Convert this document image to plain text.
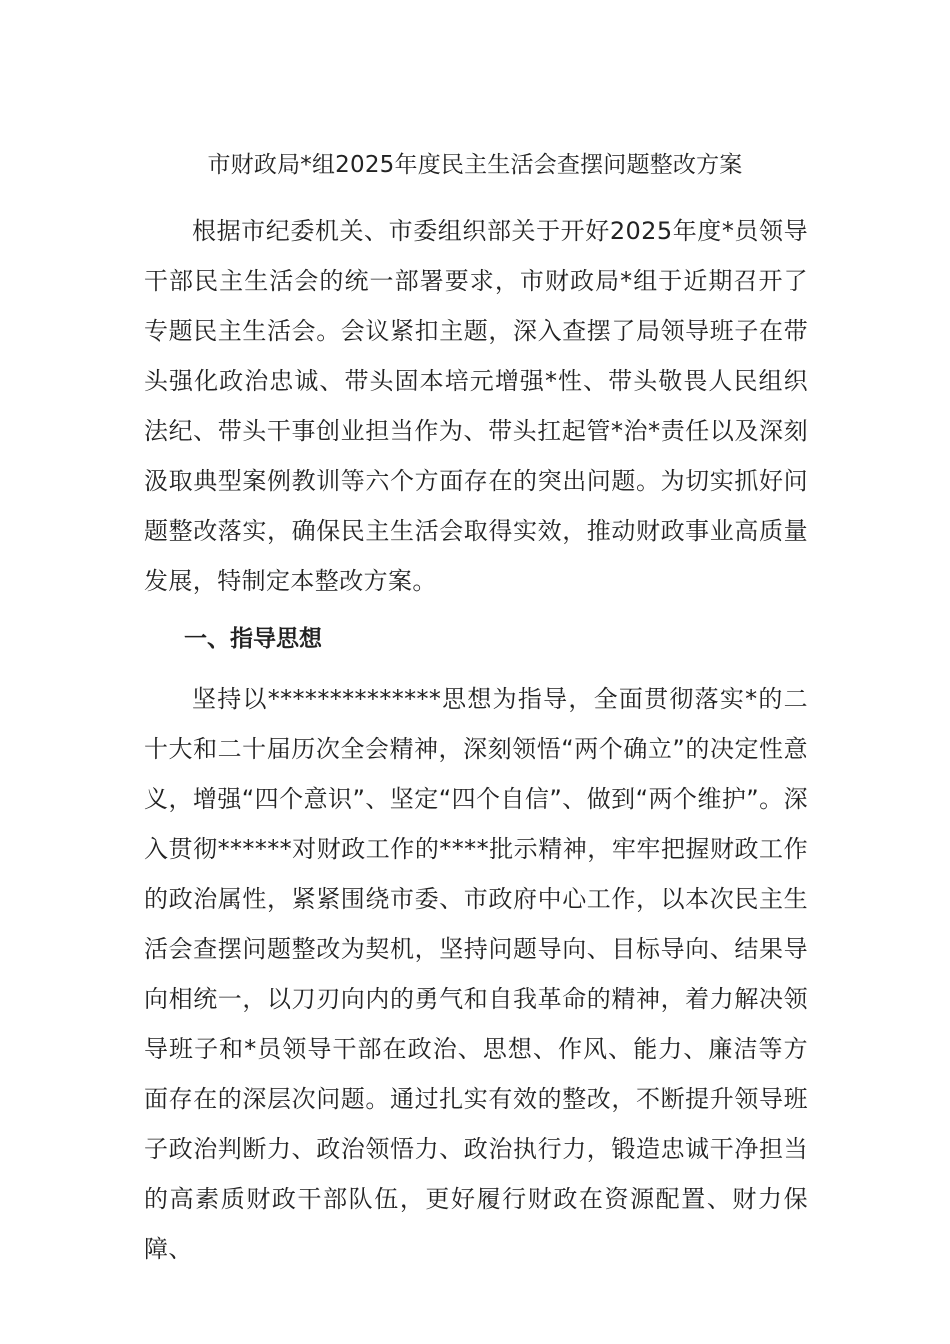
市财政局*组2025年度民主生活会查摆问题整改方案

根据市纪委机关、市委组织部关于开好2025年度*员领导干部民主生活会的统一部署要求，市财政局*组于近期召开了专题民主生活会。会议紧扣主题，深入查摆了局领导班子在带头强化政治忠诚、带头固本培元增强*性、带头敬畏人民组织法纪、带头干事创业担当作为、带头扛起管*治*责任以及深刻汲取典型案例教训等六个方面存在的突出问题。为切实抓好问题整改落实，确保民主生活会取得实效，推动财政事业高质量发展，特制定本整改方案。

一、指导思想

坚持以**************思想为指导，全面贯彻落实*的二十大和二十届历次全会精神，深刻领悟“两个确立”的决定性意义，增强“四个意识”、坚定“四个自信”、做到“两个维护”。深入贯彻******对财政工作的****批示精神，牢牢把握财政工作的政治属性，紧紧围绕市委、市政府中心工作，以本次民主生活会查摆问题整改为契机，坚持问题导向、目标导向、结果导向相统一，以刀刃向内的勇气和自我革命的精神，着力解决领导班子和*员领导干部在政治、思想、作风、能力、廉洁等方面存在的深层次问题。通过扎实有效的整改，不断提升领导班子政治判断力、政治领悟力、政治执行力，锻造忠诚干净担当的高素质财政干部队伍，更好履行财政在资源配置、财力保障、
